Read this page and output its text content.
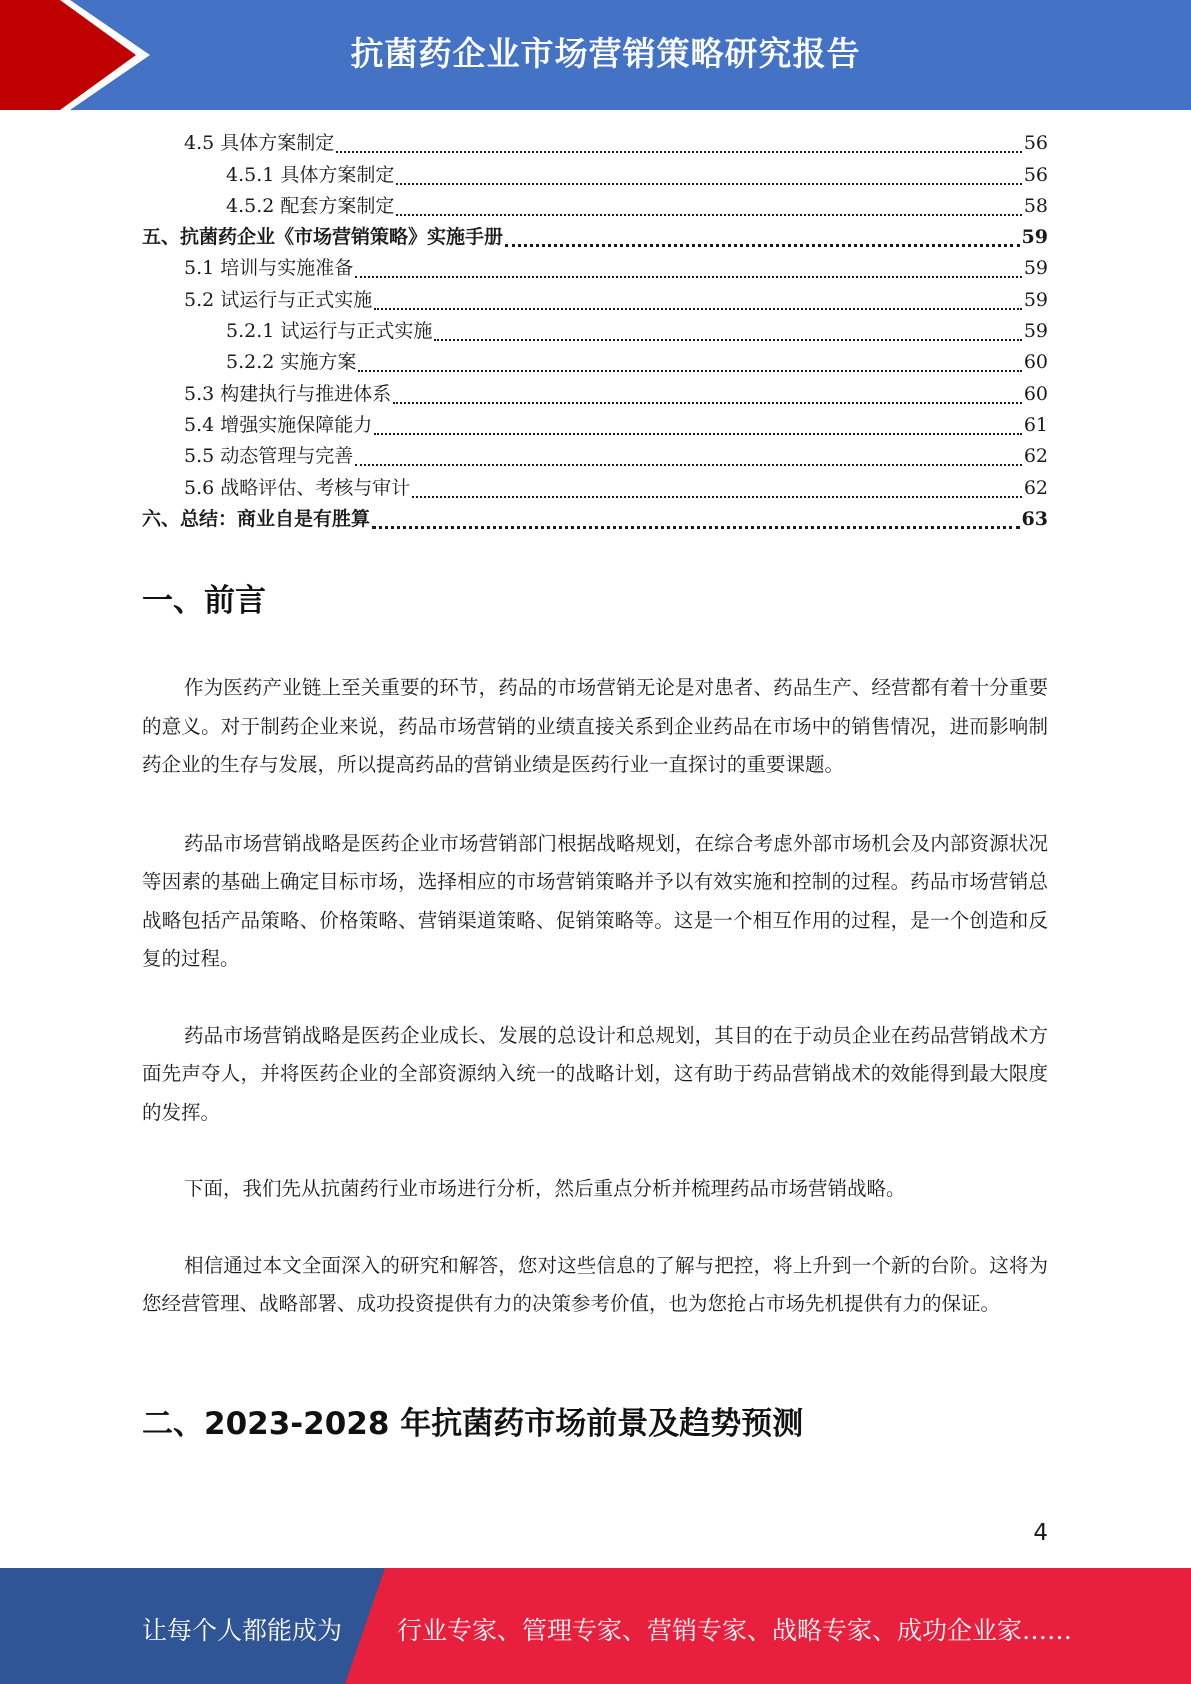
抗菌药企业市场营销策略研究报告
4.5 具体方案制定	56
4.5.1 具体方案制定	56
4.5.2 配套方案制定	58
五、抗菌药企业《市场营销策略》实施手册	59
5.1 培训与实施准备	59
5.2 试运行与正式实施	59
5.2.1 试运行与正式实施	59
5.2.2 实施方案	60
5.3 构建执行与推进体系	60
5.4 增强实施保障能力	61
5.5 动态管理与完善	62
5.6 战略评估、考核与审计	62
六、总结：商业自是有胜算	63
一、前言

作为医药产业链上至关重要的环节，药品的市场营销无论是对患者、药品生产、经营都有着十分重要的意义。对于制药企业来说，药品市场营销的业绩直接关系到企业药品在市场中的销售情况，进而影响制药企业的生存与发展，所以提高药品的营销业绩是医药行业一直探讨的重要课题。

药品市场营销战略是医药企业市场营销部门根据战略规划，在综合考虑外部市场机会及内部资源状况等因素的基础上确定目标市场，选择相应的市场营销策略并予以有效实施和控制的过程。药品市场营销总战略包括产品策略、价格策略、营销渠道策略、促销策略等。这是一个相互作用的过程，是一个创造和反复的过程。

药品市场营销战略是医药企业成长、发展的总设计和总规划，其目的在于动员企业在药品营销战术方面先声夺人，并将医药企业的全部资源纳入统一的战略计划，这有助于药品营销战术的效能得到最大限度的发挥。

下面，我们先从抗菌药行业市场进行分析，然后重点分析并梳理药品市场营销战略。

相信通过本文全面深入的研究和解答，您对这些信息的了解与把控，将上升到一个新的台阶。这将为您经营管理、战略部署、成功投资提供有力的决策参考价值，也为您抢占市场先机提供有力的保证。

二、2023-2028 年抗菌药市场前景及趋势预测
4
让每个人都能成为 行业专家、管理专家、营销专家、战略专家、成功企业家……
